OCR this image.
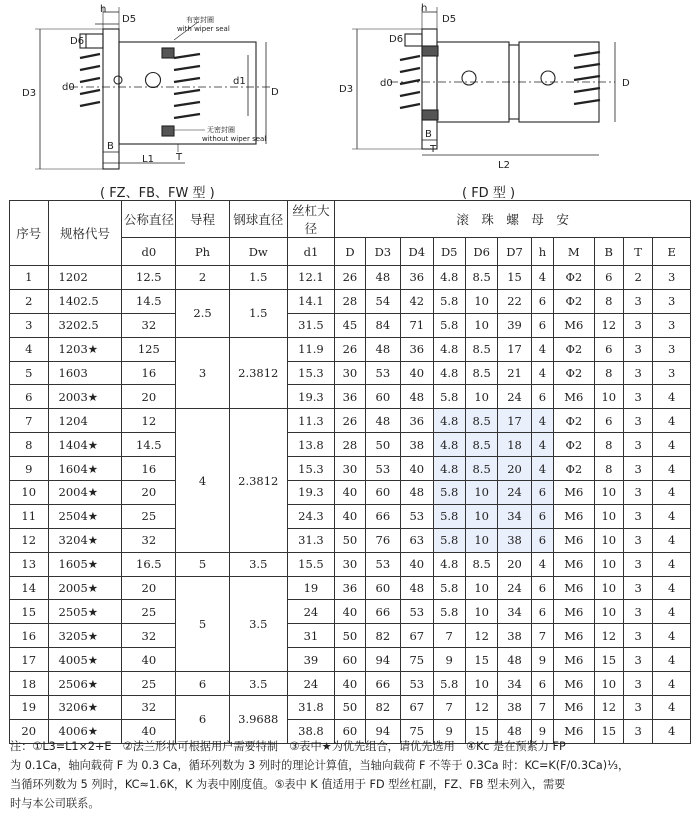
h
D5
D6
D3
d0
d1
D
B
L1 T
有密封圈
with wiper seal
无密封圈
without wiper seal
h
D5
D6
D3
d0	D
B
T
L2
( FZ、FB、FW 型 )	( FD 型 )
序号	规格代号	公称直径	导程	钢球直径	丝杠大径	滚　珠　螺　母　安										
		d0	Ph	Dw	d1	D	D3	D4	D5	D6	D7	h	M	B	T	E
1	1202	12.5	2	1.5	12.1	26	48	36	4.8	8.5	15	4	Φ2	6	2	3
2	1402.5	14.5	2.5	1.5	14.1	28	54	42	5.8	10	22	6	Φ2	8	3	3
3	3202.5	32			31.5	45	84	71	5.8	10	39	6	M6	12	3	3
4	1203★	125	3	2.3812	11.9	26	48	36	4.8	8.5	17	4	Φ2	6	3	3
5	1603	16			15.3	30	53	40	4.8	8.5	21	4	Φ2	8	3	3
6	2003★	20			19.3	36	60	48	5.8	10	24	6	M6	10	3	4
7	1204	12	4	2.3812	11.3	26	48	36	4.8	8.5	17	4	Φ2	6	3	4
8	1404★	14.5			13.8	28	50	38	4.8	8.5	18	4	Φ2	8	3	4
9	1604★	16			15.3	30	53	40	4.8	8.5	20	4	Φ2	8	3	4
10	2004★	20			19.3	40	60	48	5.8	10	24	6	M6	10	3	4
11	2504★	25			24.3	40	66	53	5.8	10	34	6	M6	10	3	4
12	3204★	32			31.3	50	76	63	5.8	10	38	6	M6	10	3	4
13	1605★	16.5	5	3.5	15.5	30	53	40	4.8	8.5	20	4	M6	10	3	4
14	2005★	20	5	3.5	19	36	60	48	5.8	10	24	6	M6	10	3	4
15	2505★	25			24	40	66	53	5.8	10	34	6	M6	10	3	4
16	3205★	32			31	50	82	67	7	12	38	7	M6	12	3	4
17	4005★	40			39	60	94	75	9	15	48	9	M6	15	3	4
18	2506★	25	6	3.5	24	40	66	53	5.8	10	34	6	M6	10	3	4
19	3206★	32	6	3.9688	31.8	50	82	67	7	12	38	7	M6	12	3	4
20	4006★	40			38.8	60	94	75	9	15	48	9	M6	15	3	4

注：①L3=L1×2+E　②法兰形状可根据用户需要特制　③表中★为优先组合，请优先选用　④Kc 是在预紧力 FP

为 0.1Ca，轴向载荷 F 为 0.3 Ca，循环列数为 3 列时的理论计算值，当轴向载荷 F 不等于 0.3Ca 时：KC=K(F/0.3Ca)⅓，

当循环列数为 5 列时，KC≈1.6K，K 为表中刚度值。⑤表中 K 值适用于 FD 型丝杠副，FZ、FB 型未列入，需要

时与本公司联系。
